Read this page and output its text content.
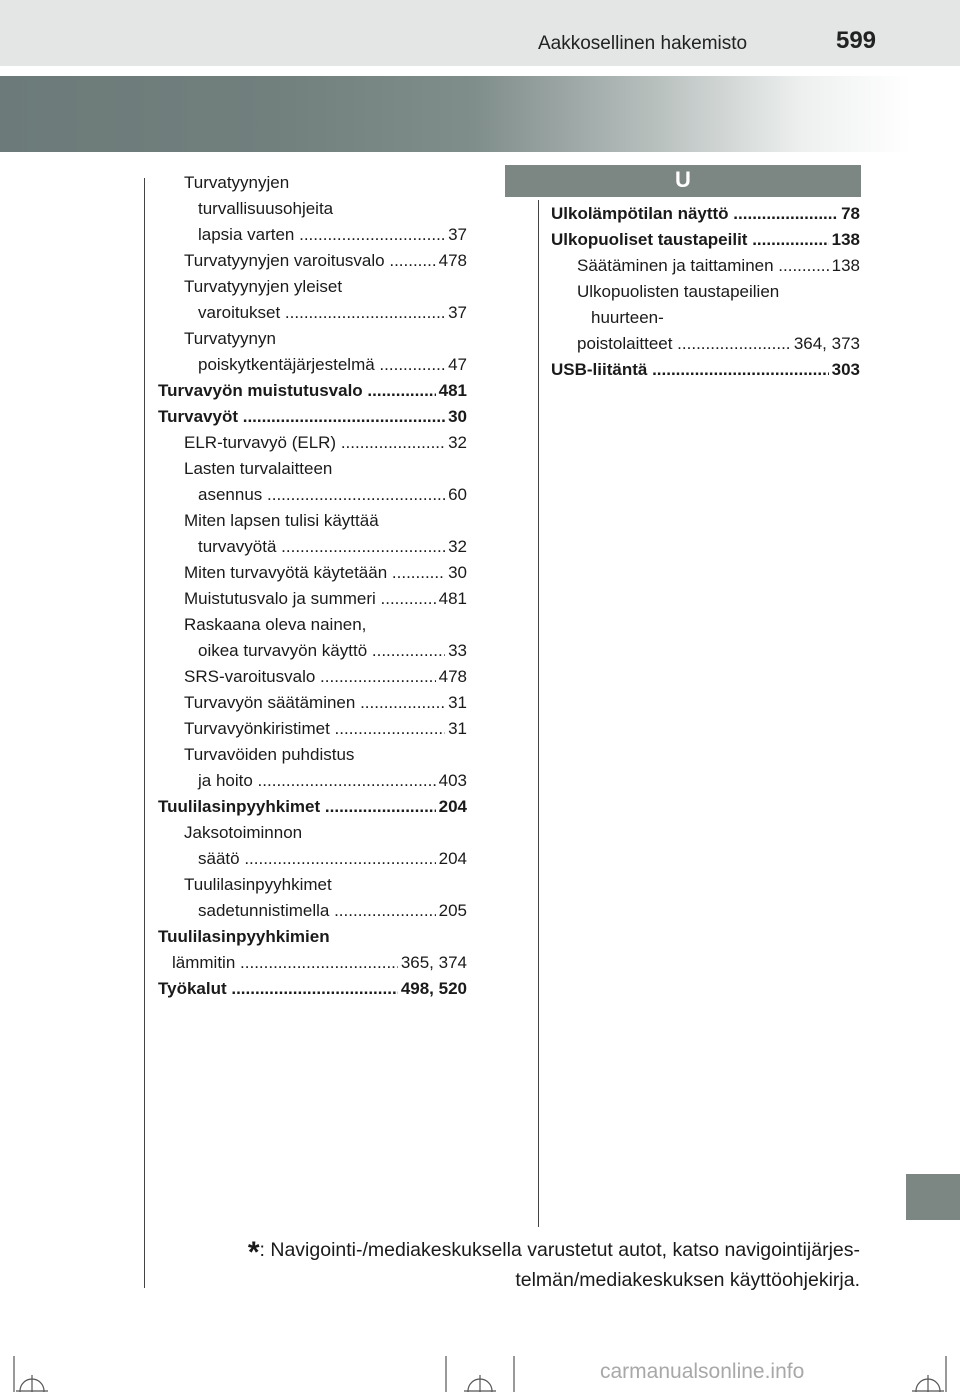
Aakkosellinen hakemisto	599
Turvatyynyjen
turvallisuusohjeita
lapsia varten .....	37
Turvatyynyjen varoitusvalo .....	478
Turvatyynyjen yleiset
varoitukset .....	37
Turvatyynyn
poiskytkentäjärjestelmä .....	47
Turvavyön muistutusvalo .....	481
Turvavyöt .....	30
ELR-turvavyö (ELR) .....	32
Lasten turvalaitteen
asennus .....	60
Miten lapsen tulisi käyttää
turvavyötä .....	32
Miten turvavyötä käytetään .....	30
Muistutusvalo ja summeri .....	481
Raskaana oleva nainen,
oikea turvavyön käyttö .....	33
SRS-varoitusvalo .....	478
Turvavyön säätäminen .....	31
Turvavyönkiristimet .....	31
Turvavöiden puhdistus
ja hoito .....	403
Tuulilasinpyyhkimet .....	204
Jaksotoiminnon
säätö .....	204
Tuulilasinpyyhkimet
sadetunnistimella .....	205
Tuulilasinpyyhkimien
lämmitin .....	365, 374
Työkalut .....	498, 520
U
Ulkolämpötilan näyttö .....	78
Ulkopuoliset taustapeilit .....	138
Säätäminen ja taittaminen .....	138
Ulkopuolisten taustapeilien
huurteen-
poistolaitteet .....	364, 373
USB-liitäntä .....	303
*: Navigointi-/mediakeskuksella varustetut autot, katso navigointijärjes-
telmän/mediakeskuksen käyttöohjekirja.
carmanualsonline.info
